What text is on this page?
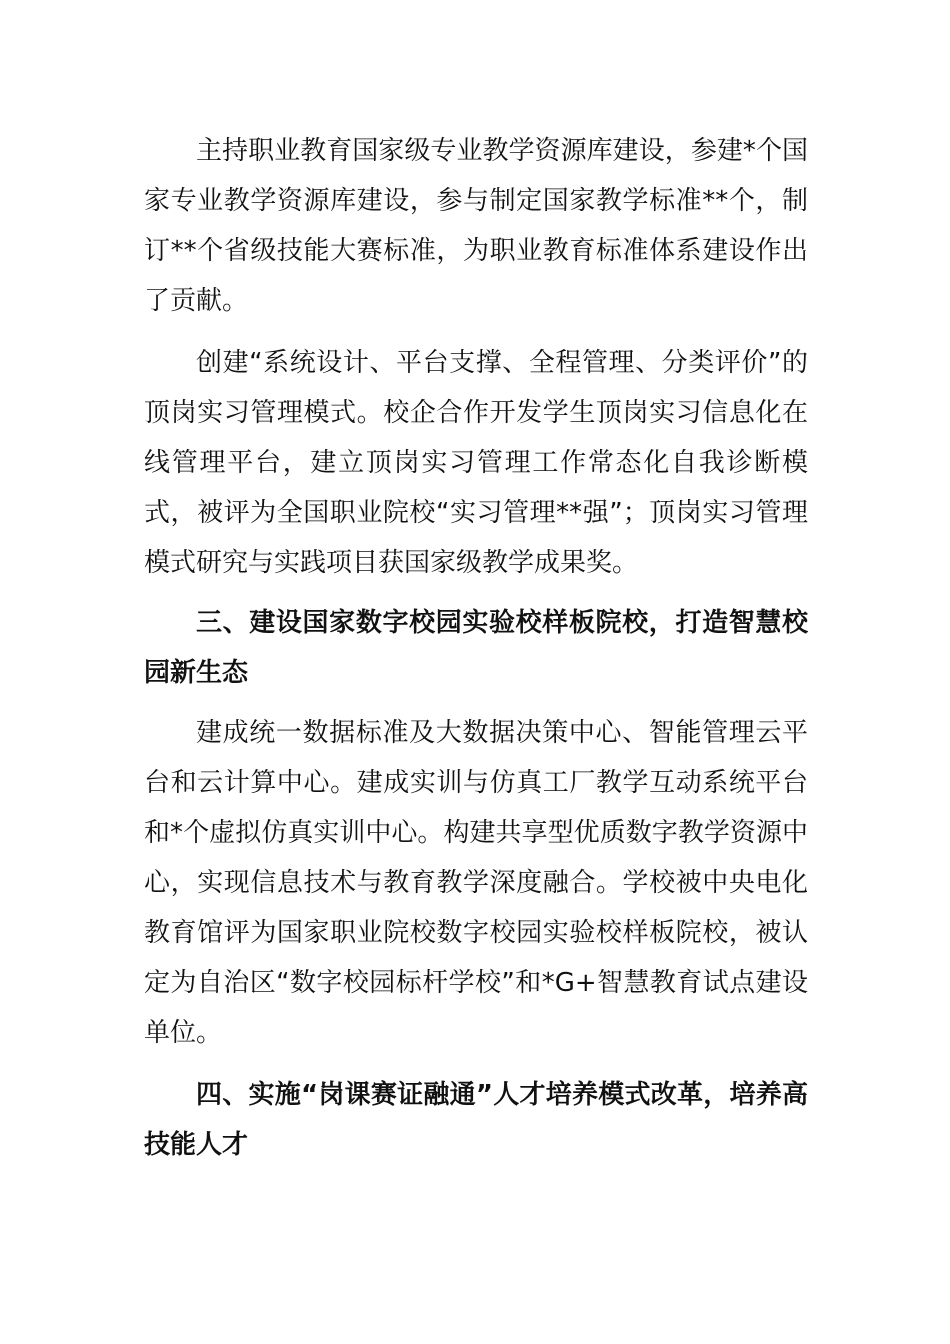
主持职业教育国家级专业教学资源库建设，参建*个国家专业教学资源库建设，参与制定国家教学标准**个，制订**个省级技能大赛标准，为职业教育标准体系建设作出了贡献。

创建“系统设计、平台支撑、全程管理、分类评价”的顶岗实习管理模式。校企合作开发学生顶岗实习信息化在线管理平台，建立顶岗实习管理工作常态化自我诊断模式，被评为全国职业院校“实习管理**强”；顶岗实习管理模式研究与实践项目获国家级教学成果奖。

三、建设国家数字校园实验校样板院校，打造智慧校园新生态

建成统一数据标准及大数据决策中心、智能管理云平台和云计算中心。建成实训与仿真工厂教学互动系统平台和*个虚拟仿真实训中心。构建共享型优质数字教学资源中心，实现信息技术与教育教学深度融合。学校被中央电化教育馆评为国家职业院校数字校园实验校样板院校，被认定为自治区“数字校园标杆学校”和*G+智慧教育试点建设单位。

四、实施“岗课赛证融通”人才培养模式改革，培养高技能人才
